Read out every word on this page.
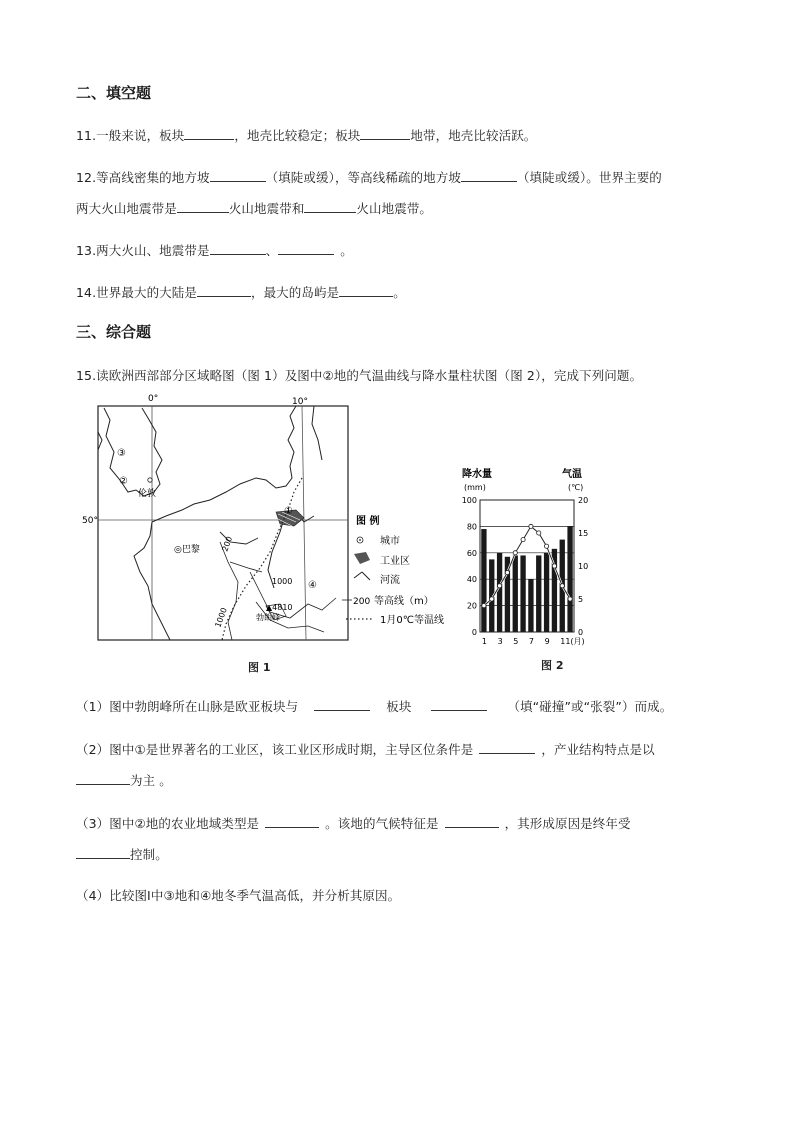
二、填空题
11.一般来说，板块	，地壳比较稳定；板块	地带，地壳比较活跃。
12.等高线密集的地方坡	（填陡或缓），等高线稀疏的地方坡	（填陡或缓）。世界主要的
两大火山地震带是	火山地震带和	火山地震带。
13.两大火山、地震带是	、	。
14.世界最大的大陆是	，最大的岛屿是	。
三、综合题
15.读欧洲西部部分区域略图（图 1）及图中②地的气温曲线与降水量柱状图（图 2），完成下列问题。
0°	10°
50°
③
②
伦敦
①
◎巴黎
④
200
1000
1000	▲4810
勃朗峰
图 例
城市
工业区
河流
200 等高线（m）
1月0℃等温线
图 1
降水量
(mm)
气温
(℃)
0
20
40
60
80
100
0
5
10
15
20
1 3 5 7 9 11(月)
图 2
（1）图中勃朗峰所在山脉是欧亚板块与	板块	（填“碰撞”或“张裂”）而成。
（2）图中①是世界著名的工业区，该工业区形成时期，主导区位条件是	，产业结构特点是以
为主 。
（3）图中②地的农业地域类型是	。该地的气候特征是	，其形成原因是终年受
控制。
（4）比较图I中③地和④地冬季气温高低，并分析其原因。
